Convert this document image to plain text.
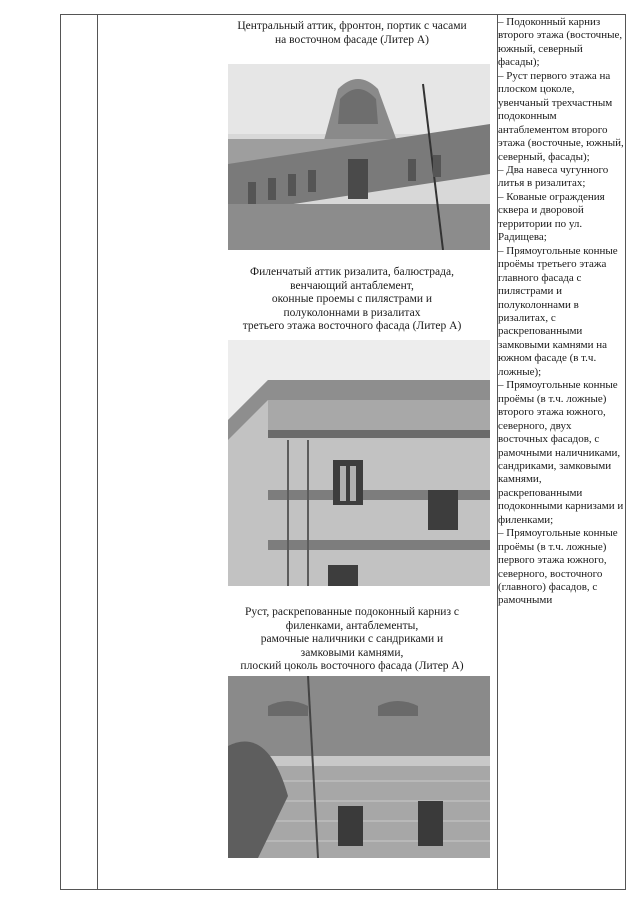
Центральный аттик, фронтон, портик с часами
на восточном фасаде (Литер А)
Филенчатый аттик ризалита, балюстрада,
венчающий антаблемент,
оконные проемы с пилястрами и
полуколоннами в ризалитах
третьего этажа восточного фасада (Литер А)
Руст, раскрепованные подоконный карниз с
филенками, антаблементы,
рамочные наличники с сандриками и
замковыми камнями,
плоский цоколь восточного фасада (Литер А)
– Подоконный карниз второго этажа (восточные, южный, северный фасады);
– Руст первого этажа на плоском цоколе, увенчаный трехчастным подоконным антаблементом второго этажа (восточные, южный, северный, фасады);
– Два навеса чугунного литья в ризалитах;
– Кованые ограждения сквера и дворовой территории по ул. Радищева;
– Прямоугольные конные проёмы третьего этажа главного фасада с пилястрами и полуколоннами в ризалитах, с раскрепованными замковыми камнями на южном фасаде (в т.ч. ложные);
– Прямоугольные конные проёмы (в т.ч. ложные) второго этажа южного, северного, двух восточных фасадов, с рамочными наличниками, сандриками, замковыми камнями, раскрепованными подоконными карнизами и филенками;
– Прямоугольные конные проёмы (в т.ч. ложные) первого этажа южного, северного, восточного (главного) фасадов, с рамочными
